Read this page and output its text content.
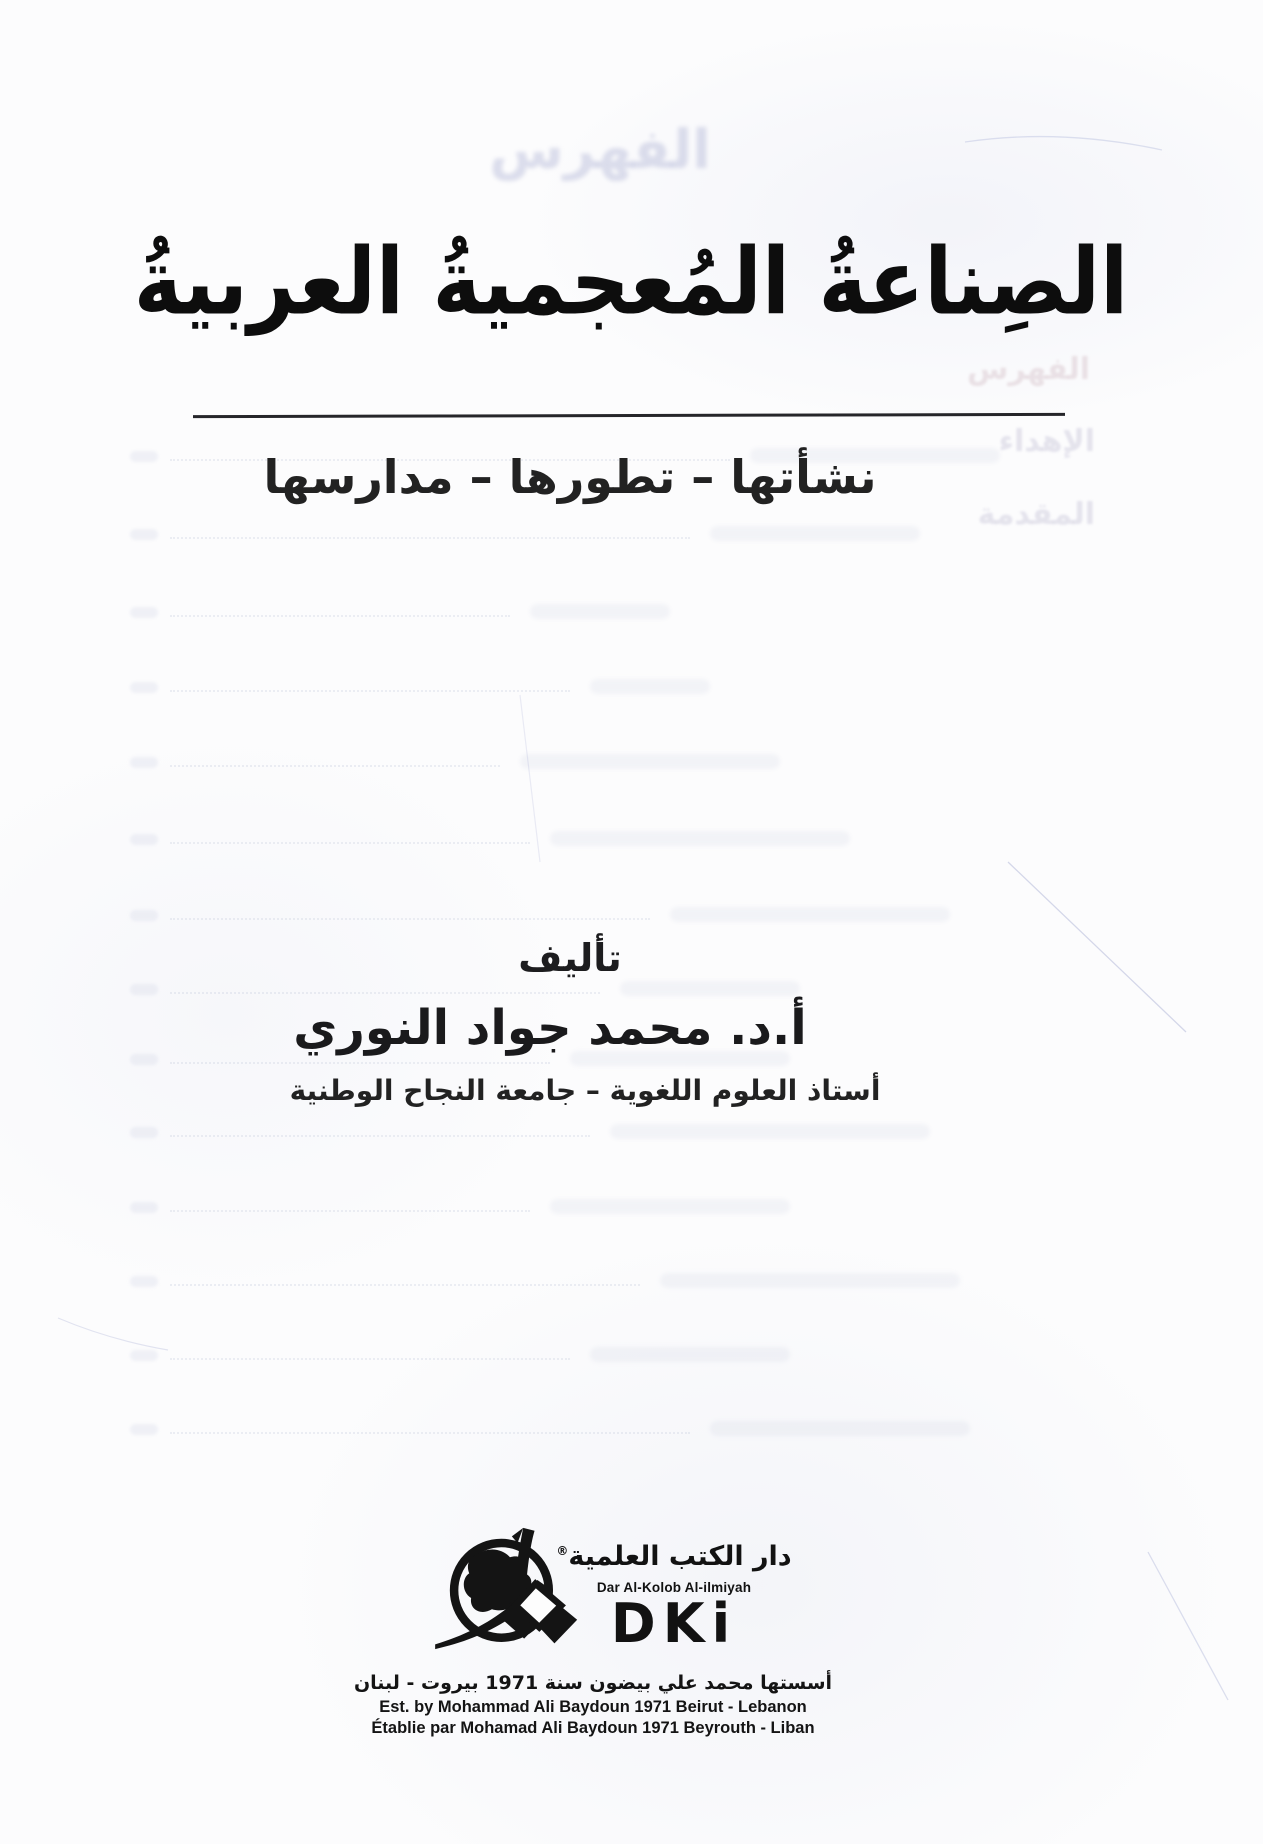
الفهرس
الفهرس
الإهداء
المقدمة
الصِناعةُ المُعجميةُ العربيةُ
نشأتها – تطورها – مدارسها
تأليف
أ.د. محمد جواد النوري
أستاذ العلوم اللغوية – جامعة النجاح الوطنية
دار الكتب العلمية®
Dar Al-Kolob Al-ilmiyah
DKi
أسستها محمد علي بيضون سنة 1971 بيروت - لبنان
Est. by Mohammad Ali Baydoun 1971 Beirut - Lebanon
Établie par Mohamad Ali Baydoun 1971 Beyrouth - Liban
